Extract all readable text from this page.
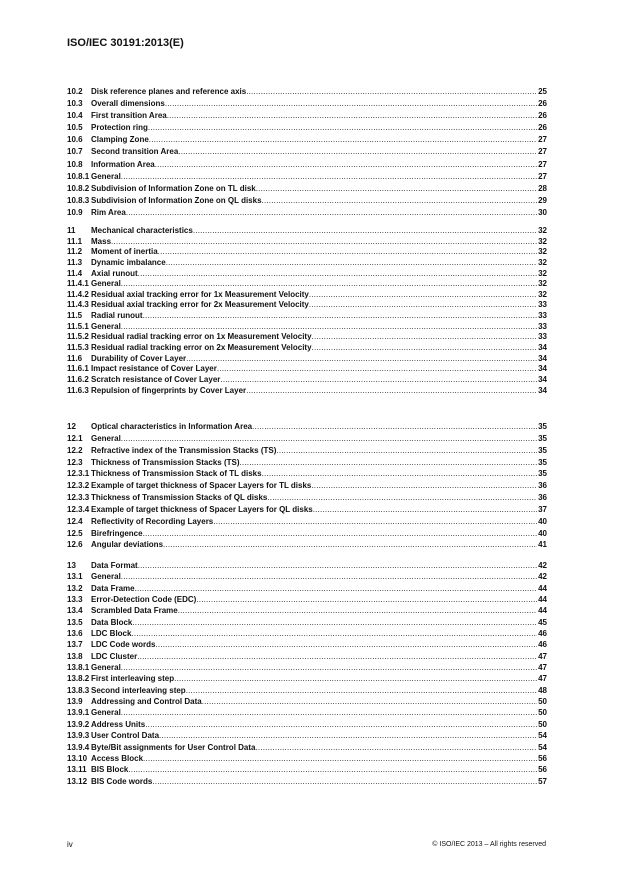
ISO/IEC 30191:2013(E)
10.2	Disk reference planes and reference axis .....	25
10.3	Overall dimensions .....	26
10.4	First transition Area .....	26
10.5	Protection ring .....	26
10.6	Clamping Zone .....	27
10.7	Second transition Area .....	27
10.8	Information Area .....	27
10.8.1 General .....	27
10.8.2 Subdivision of Information Zone on TL disk .....	28
10.8.3 Subdivision of Information Zone on QL disks .....	29
10.9	Rim Area .....	30
11	Mechanical characteristics .....	32
11.1	Mass .....	32
11.2	Moment of inertia .....	32
11.3	Dynamic imbalance .....	32
11.4	Axial runout .....	32
11.4.1 General .....	32
11.4.2 Residual axial tracking error for 1x Measurement Velocity .....	32
11.4.3 Residual axial tracking error for 2x Measurement Velocity .....	33
11.5	Radial runout .....	33
11.5.1 General .....	33
11.5.2 Residual radial tracking error on 1x Measurement Velocity .....	33
11.5.3 Residual radial tracking error on 2x Measurement Velocity .....	34
11.6	Durability of Cover Layer .....	34
11.6.1 Impact resistance of Cover Layer .....	34
11.6.2 Scratch resistance of Cover Layer .....	34
11.6.3 Repulsion of fingerprints by Cover Layer .....	34
12	Optical characteristics in Information Area .....	35
12.1	General .....	35
12.2	Refractive index of the Transmission Stacks (TS) .....	35
12.3	Thickness of Transmission Stacks (TS) .....	35
12.3.1 Thickness of Transmission Stack of TL disks .....	35
12.3.2 Example of target thickness of Spacer Layers for TL disks .....	36
12.3.3 Thickness of Transmission Stacks of QL disks .....	36
12.3.4 Example of target thickness of Spacer Layers for QL disks .....	37
12.4	Reflectivity of Recording Layers .....	40
12.5	Birefringence .....	40
12.6	Angular deviations .....	41
13	Data Format .....	42
13.1	General .....	42
13.2	Data Frame .....	44
13.3	Error-Detection Code (EDC) .....	44
13.4	Scrambled Data Frame .....	44
13.5	Data Block .....	45
13.6	LDC Block .....	46
13.7	LDC Code words .....	46
13.8	LDC Cluster .....	47
13.8.1 General .....	47
13.8.2 First interleaving step .....	47
13.8.3 Second interleaving step .....	48
13.9	Addressing and Control Data .....	50
13.9.1 General .....	50
13.9.2 Address Units .....	50
13.9.3 User Control Data .....	54
13.9.4 Byte/Bit assignments for User Control Data .....	54
13.10 Access Block .....	56
13.11 BIS Block .....	56
13.12 BIS Code words .....	57
iv	© ISO/IEC 2013 – All rights reserved
